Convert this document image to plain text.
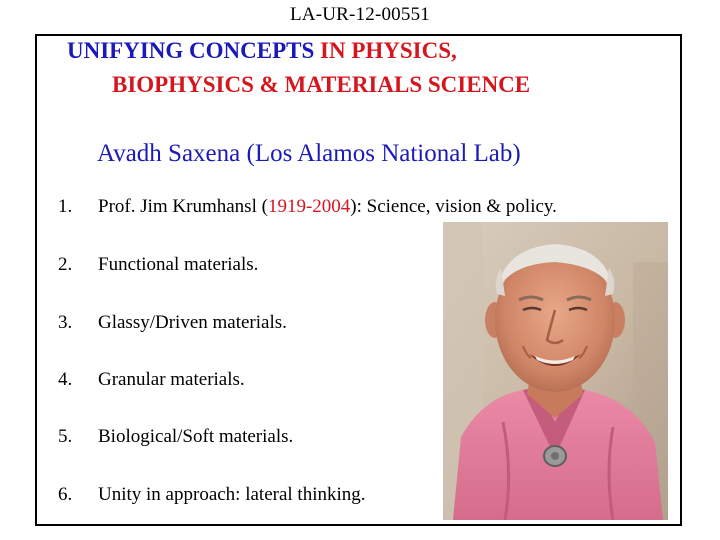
LA-UR-12-00551
UNIFYING CONCEPTS IN PHYSICS,
BIOPHYSICS & MATERIALS SCIENCE
Avadh Saxena (Los Alamos National Lab)
1. Prof. Jim Krumhansl (1919-2004): Science, vision & policy.
2. Functional materials.
3. Glassy/Driven materials.
4. Granular materials.
5. Biological/Soft materials.
6. Unity in approach: lateral thinking.
